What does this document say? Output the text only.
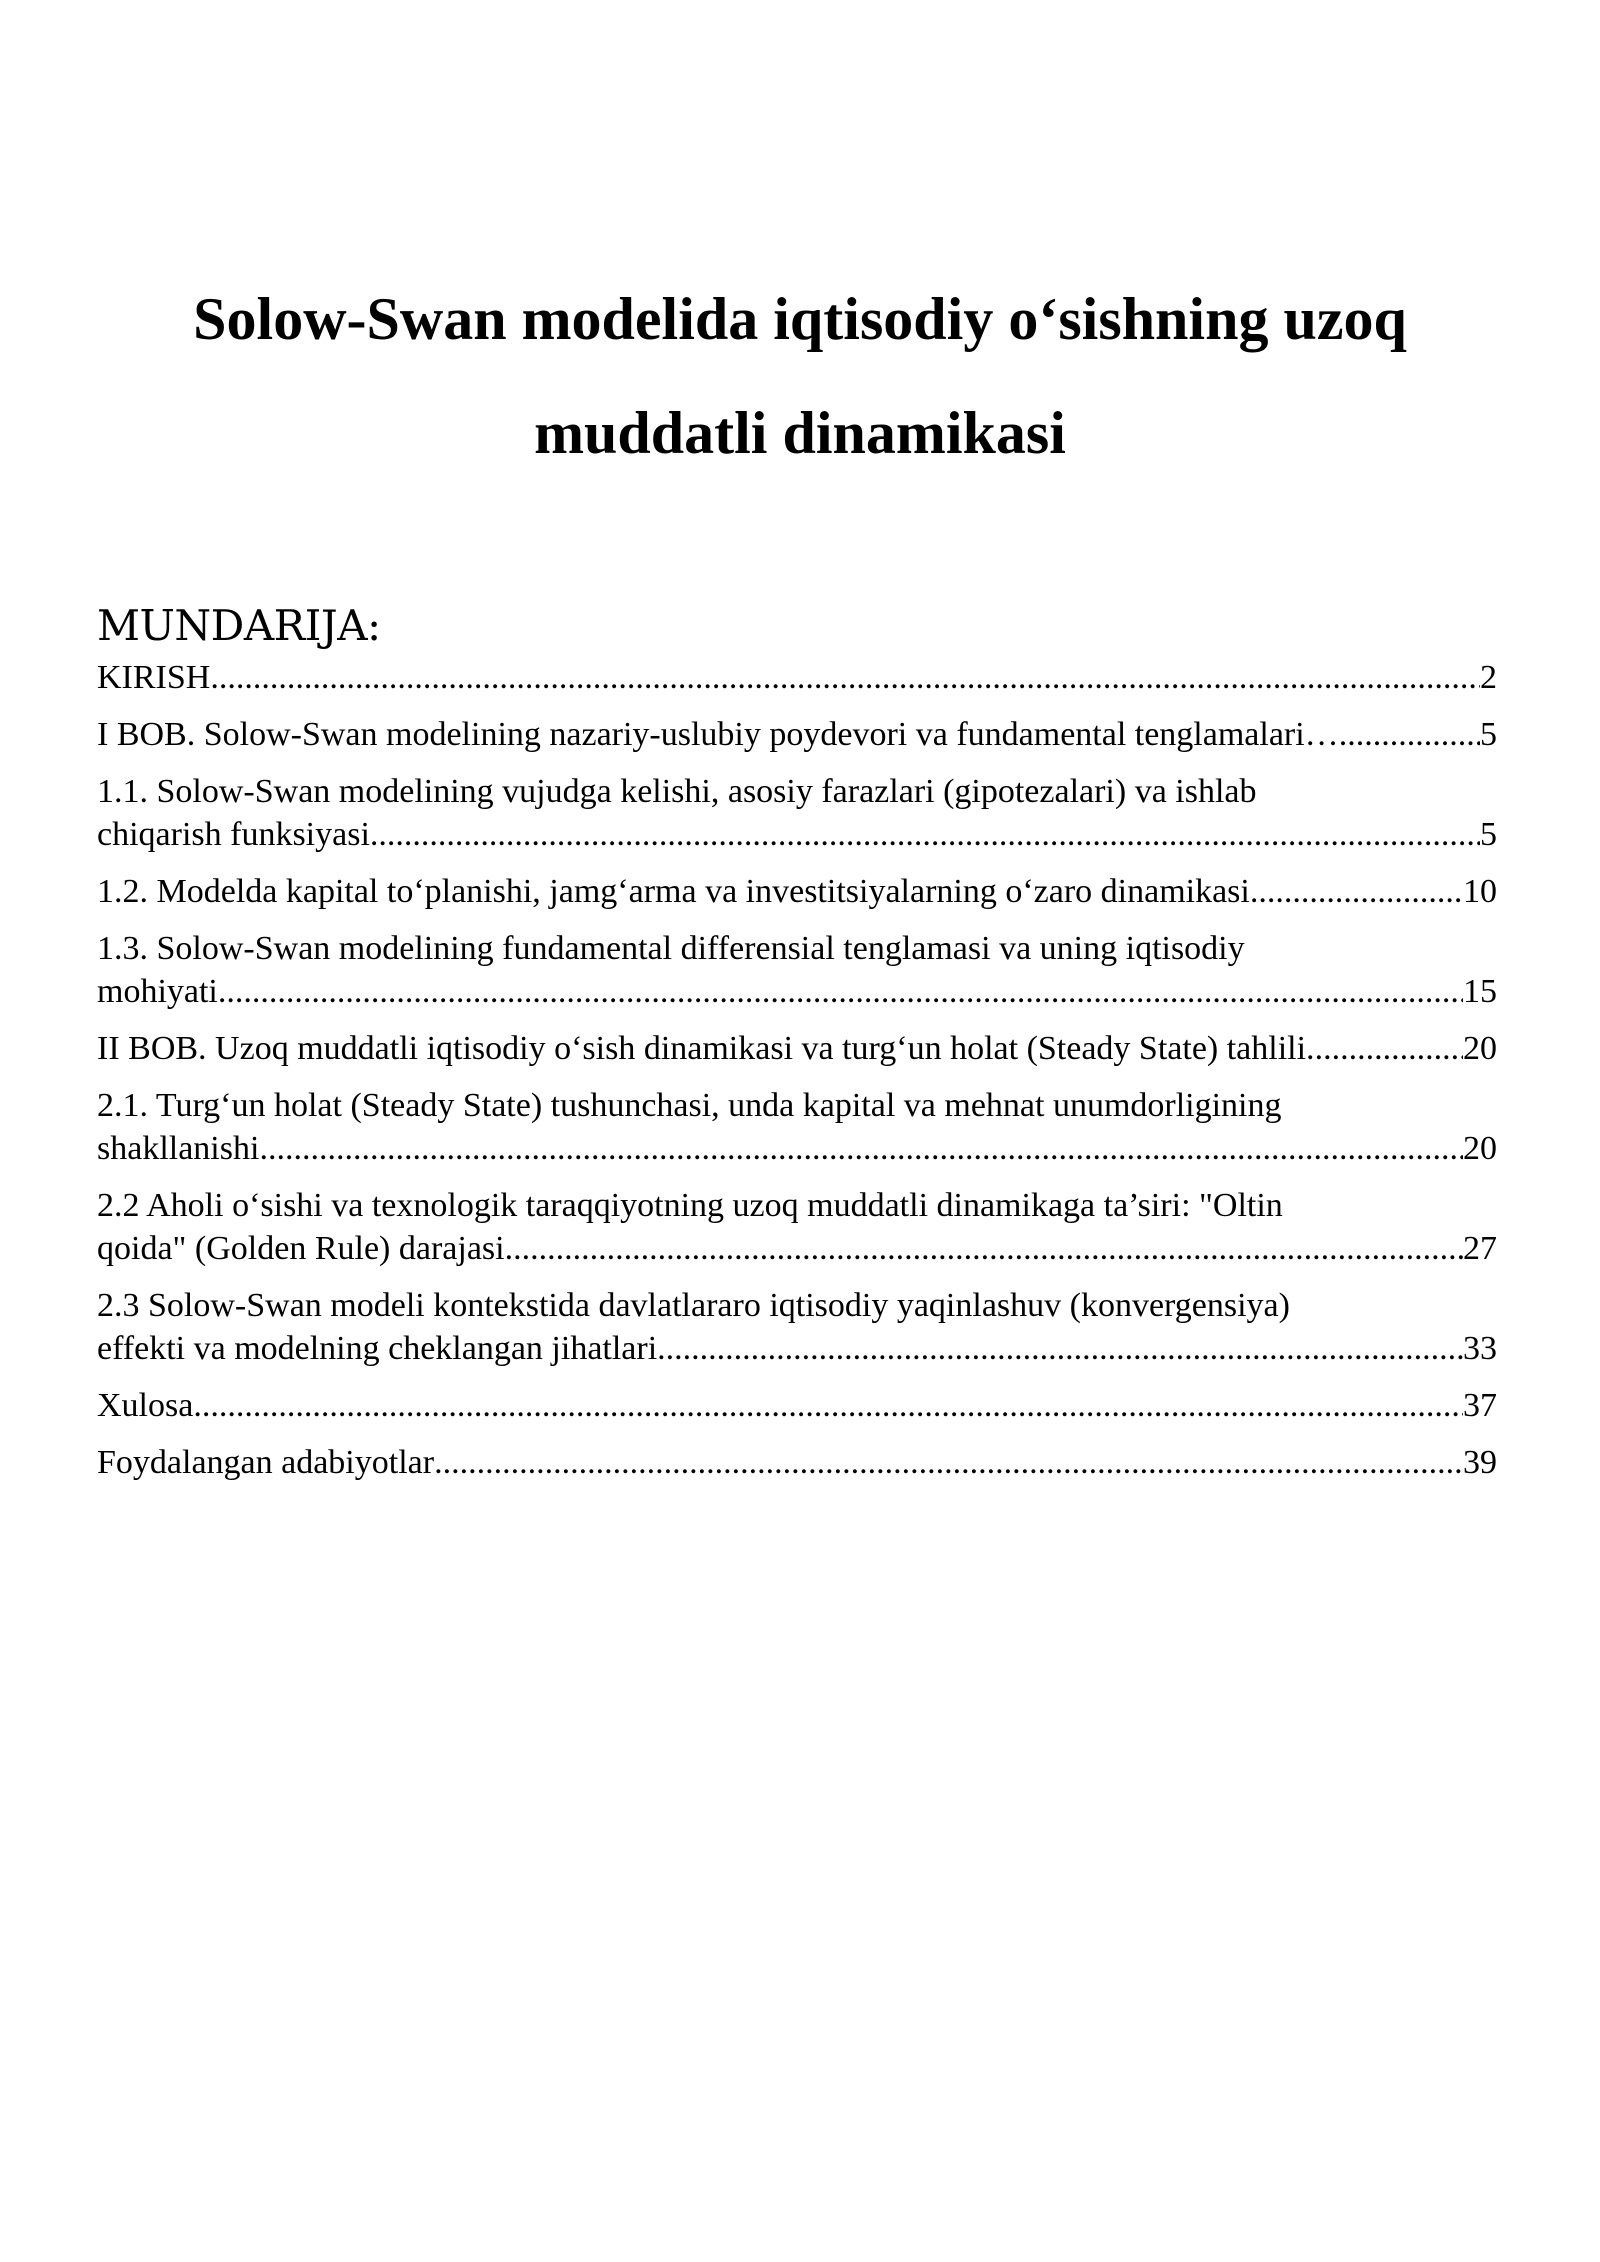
Solow-Swan modelida iqtisodiy o‘sishning uzoq
muddatli dinamikasi
MUNDARIJA:
KIRISH .....	2
I BOB. Solow-Swan modelining nazariy-uslubiy poydevori va fundamental tenglamalari… .....	5
1.1. Solow-Swan modelining vujudga kelishi, asosiy farazlari (gipotezalari) va ishlab
chiqarish funksiyasi .....	5
1.2. Modelda kapital to‘planishi, jamg‘arma va investitsiyalarning o‘zaro dinamikasi .....	10
1.3. Solow-Swan modelining fundamental differensial tenglamasi va uning iqtisodiy
mohiyati .....	15
II BOB. Uzoq muddatli iqtisodiy o‘sish dinamikasi va turg‘un holat (Steady State) tahlili. .....	20
2.1. Turg‘un holat (Steady State) tushunchasi, unda kapital va mehnat unumdorligining
shakllanishi .....	20
2.2 Aholi o‘sishi va texnologik taraqqiyotning uzoq muddatli dinamikaga ta’siri: "Oltin
qoida" (Golden Rule) darajasi .....	27
2.3 Solow-Swan modeli kontekstida davlatlararo iqtisodiy yaqinlashuv (konvergensiya)
effekti va modelning cheklangan jihatlari .....	33
Xulosa .....	37
Foydalangan adabiyotlar .....	39
